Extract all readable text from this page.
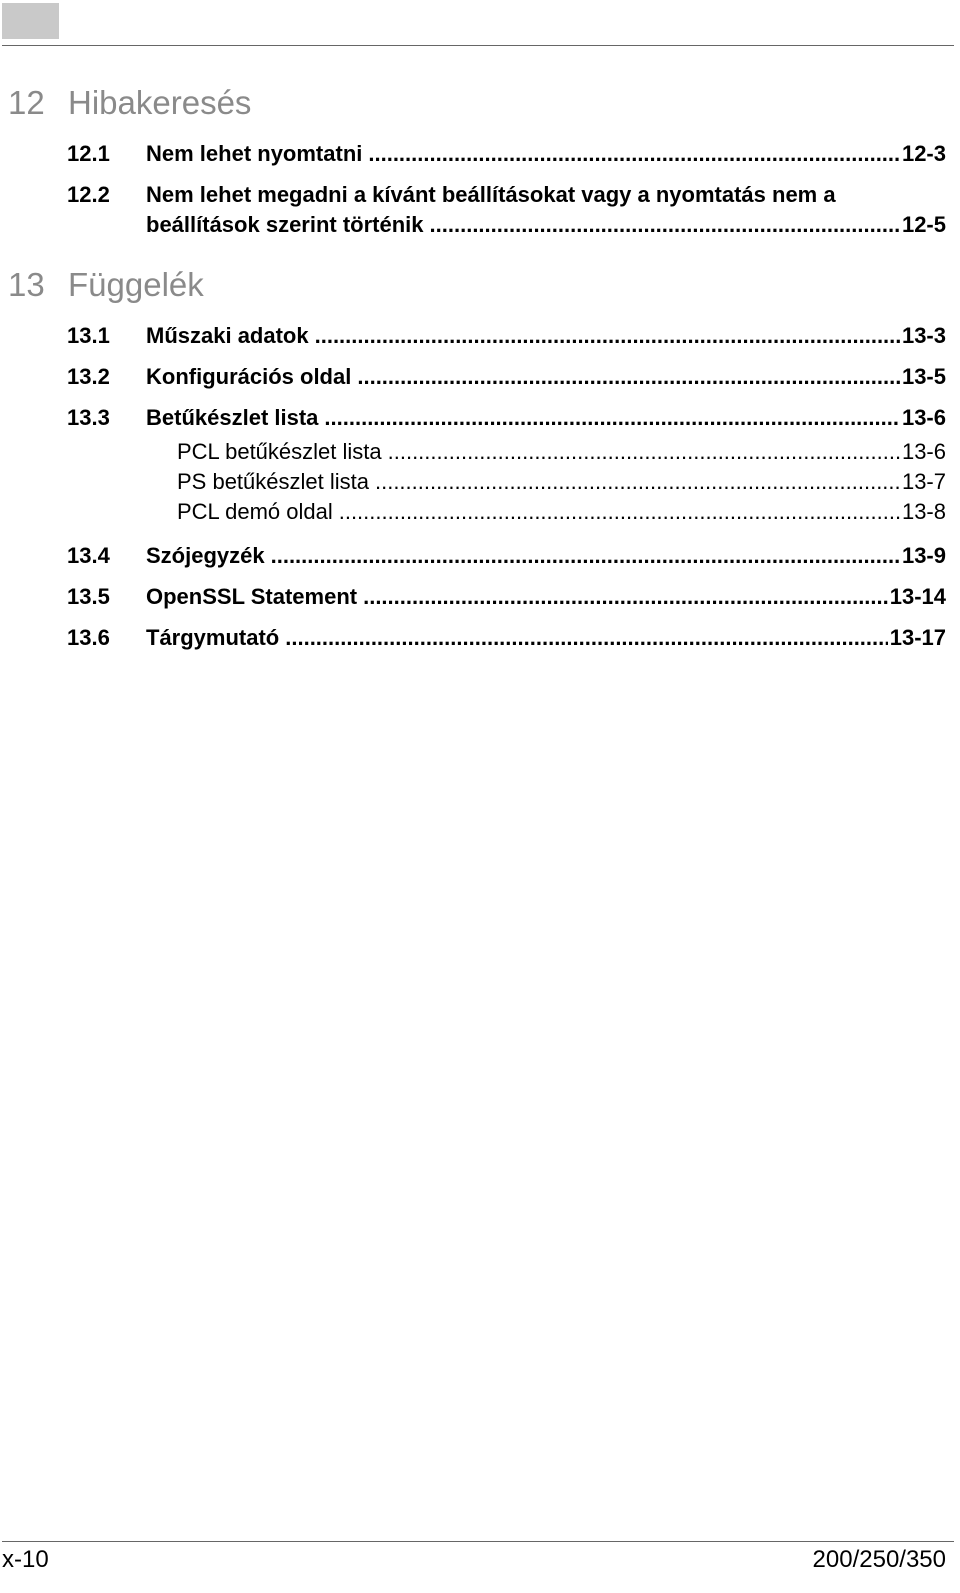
12 Hibakeresés
12.1	Nem lehet nyomtatni .....	12-3
12.2	Nem lehet megadni a kívánt beállításokat vagy a nyomtatás nem a
beállítások szerint történik .....	12-5
13 Függelék
13.1	Műszaki adatok .....	13-3
13.2	Konfigurációs oldal .....	13-5
13.3	Betűkészlet lista .....	13-6
PCL betűkészlet lista .....	13-6
PS betűkészlet lista .....	13-7
PCL demó oldal .....	13-8
13.4	Szójegyzék .....	13-9
13.5	OpenSSL Statement .....	13-14
13.6	Tárgymutató .....	13-17
x-10	200/250/350
